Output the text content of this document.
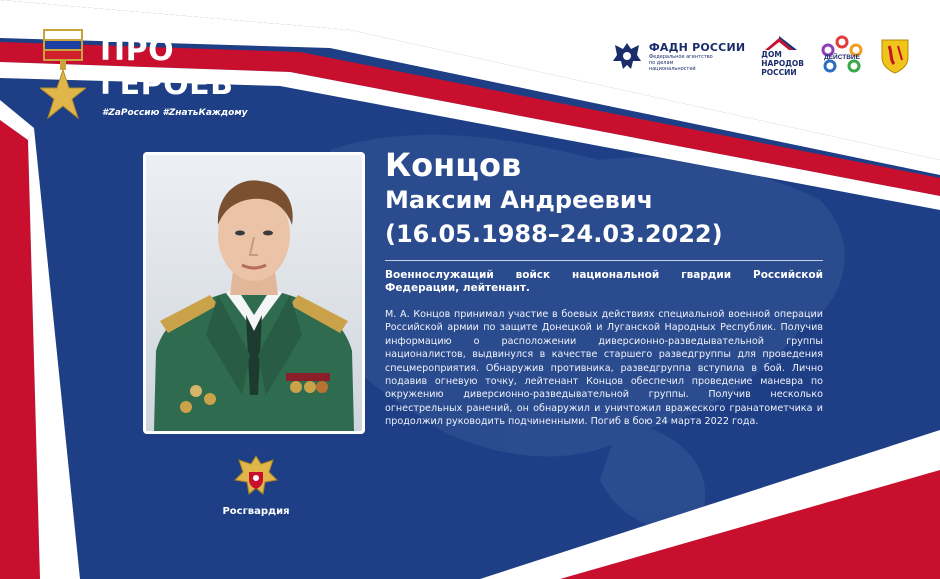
ПРО
ГЕРОЕВ
#ZaРоссию #ZнатьКаждому
ФАДН РОССИИ
Федеральное агентство по делам национальностей
ДОМ
НАРОДОВ
РОССИИ
ДЕЙСТВИЕ
Росгвардия
Концов
Максим Андреевич
(16.05.1988–24.03.2022)
Военнослужащий войск национальной гвардии Российской Федерации, лейтенант.
М. А. Концов принимал участие в боевых действиях специальной военной операции Российской армии по защите Донецкой и Луганской Народных Республик. Получив информацию о расположении диверсионно-разведывательной группы националистов, выдвинулся в качестве старшего разведгруппы для проведения спецмероприятия. Обнаружив противника, разведгруппа вступила в бой. Лично подавив огневую точку, лейтенант Концов обеспечил проведение маневра по окружению диверсионно-разведывательной группы. Получив несколько огнестрельных ранений, он обнаружил и уничтожил вражеского гранатометчика и продолжил руководить подчиненными. Погиб в бою 24 марта 2022 года.
